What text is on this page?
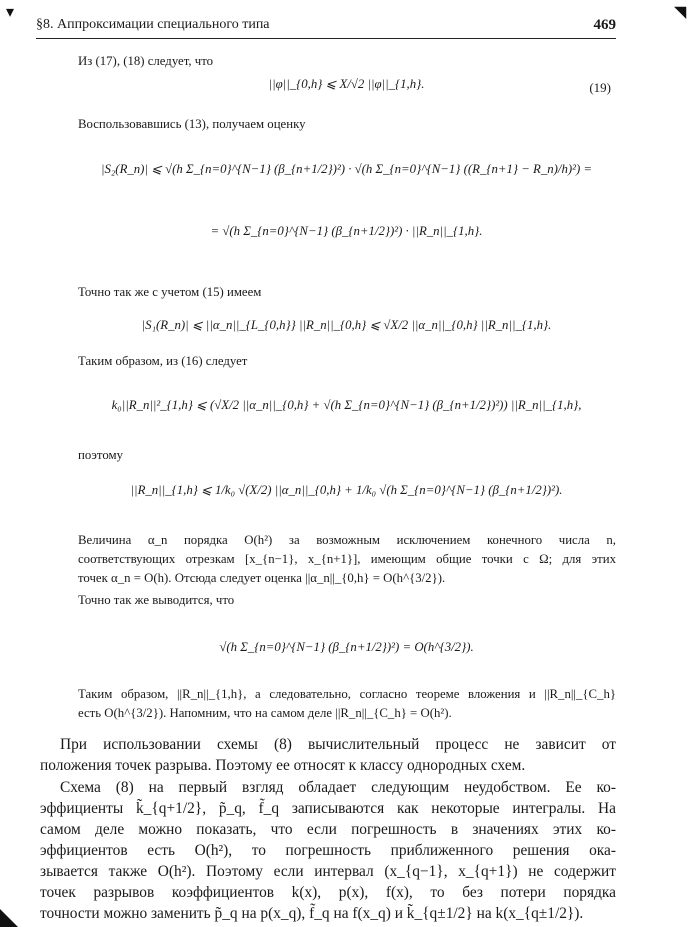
▾	◥
§8. Аппроксимации специального типа	469
Из (17), (18) следует, что
||φ||_{0,h} ⩽ X/√2 ||φ||_{1,h}.	(19)
Воспользовавшись (13), получаем оценку
|S₂(R_n)| ⩽ √(h Σ_{n=0}^{N−1} (β_{n+1/2})²) · √(h Σ_{n=0}^{N−1} ((R_{n+1} − R_n)/h)²) =
= √(h Σ_{n=0}^{N−1} (β_{n+1/2})²) · ||R_n||_{1,h}.
Точно так же с учетом (15) имеем
|S₁(R_n)| ⩽ ||α_n||_{L_{0,h}} ||R_n||_{0,h} ⩽ √X/2 ||α_n||_{0,h} ||R_n||_{1,h}.
Таким образом, из (16) следует
k₀||R_n||²_{1,h} ⩽ (√X/2 ||α_n||_{0,h} + √(h Σ_{n=0}^{N−1} (β_{n+1/2})²)) ||R_n||_{1,h},
поэтому
||R_n||_{1,h} ⩽ 1/k₀ √(X/2) ||α_n||_{0,h} + 1/k₀ √(h Σ_{n=0}^{N−1} (β_{n+1/2})²).
Величина α_n порядка O(h²) за возможным исключением конечного числа n,
соответствующих отрезкам [x_{n−1}, x_{n+1}], имеющим общие точки с Ω; для этих
точек α_n = O(h). Отсюда следует оценка ||α_n||_{0,h} = O(h^{3/2}).
Точно так же выводится, что
√(h Σ_{n=0}^{N−1} (β_{n+1/2})²) = O(h^{3/2}).
Таким образом, ||R_n||_{1,h}, а следовательно, согласно теореме вложения и ||R_n||_{C_h}
есть O(h^{3/2}). Напомним, что на самом деле ||R_n||_{C_h} = O(h²).
При использовании схемы (8) вычислительный процесс не зависит от
положения точек разрыва. Поэтому ее относят к классу однородных схем.
Схема (8) на первый взгляд обладает следующим неудобством. Ее ко-
эффициенты k̃_{q+1/2}, p̃_q, f̃_q записываются как некоторые интегралы. На
самом деле можно показать, что если погрешность в значениях этих ко-
эффициентов есть O(h²), то погрешность приближенного решения ока-
зывается также O(h²). Поэтому если интервал (x_{q−1}, x_{q+1}) не содержит
точек разрывов коэффициентов k(x), p(x), f(x), то без потери порядка
точности можно заменить p̃_q на p(x_q), f̃_q на f(x_q) и k̃_{q±1/2} на k(x_{q±1/2}).
